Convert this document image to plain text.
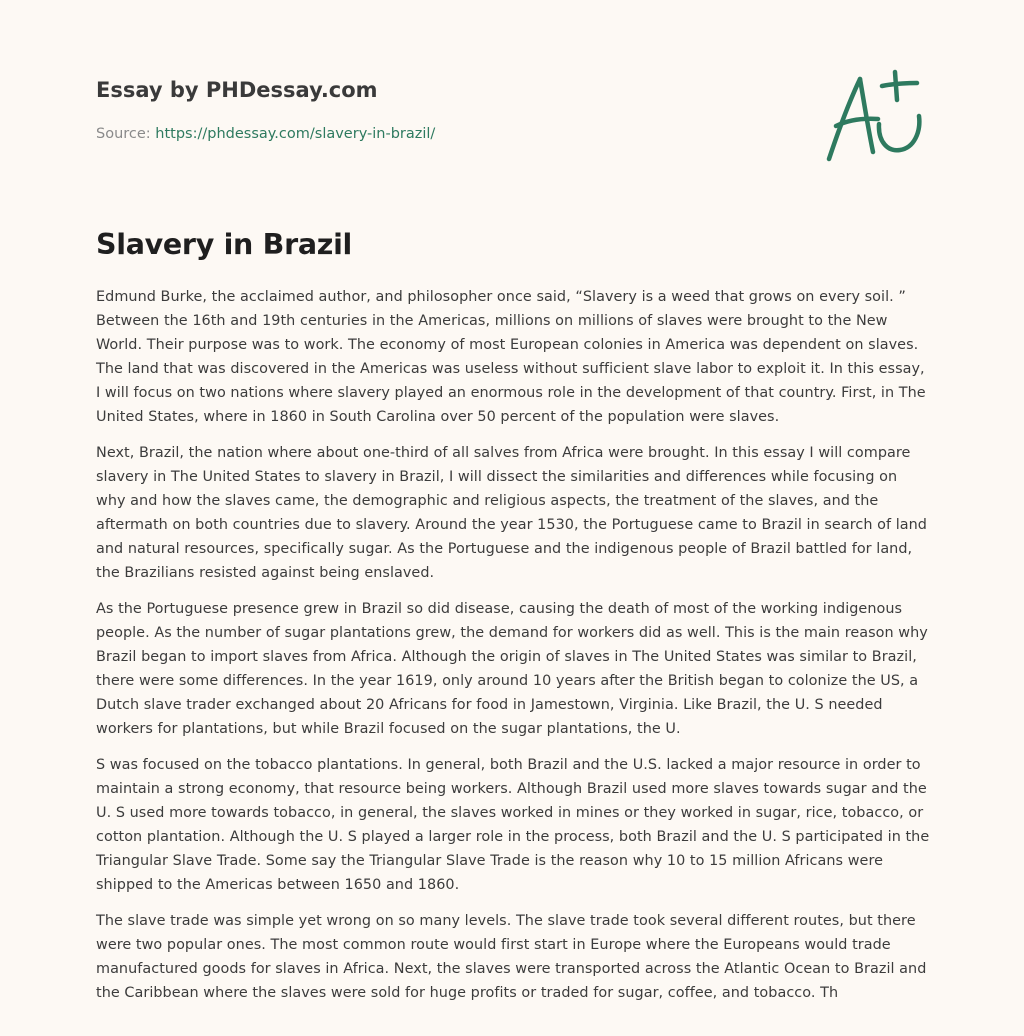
Essay by PHDessay.com
Source: https://phdessay.com/slavery-in-brazil/
Slavery in Brazil

Edmund Burke, the acclaimed author, and philosopher once said, “Slavery is a weed that grows on every soil. ” Between the 16th and 19th centuries in the Americas, millions on millions of slaves were brought to the New World. Their purpose was to work. The economy of most European colonies in America was dependent on slaves. The land that was discovered in the Americas was useless without sufficient slave labor to exploit it. In this essay, I will focus on two nations where slavery played an enormous role in the development of that country. First, in The United States, where in 1860 in South Carolina over 50 percent of the population were slaves.

Next, Brazil, the nation where about one-third of all salves from Africa were brought. In this essay I will compare slavery in The United States to slavery in Brazil, I will dissect the similarities and differences while focusing on why and how the slaves came, the demographic and religious aspects, the treatment of the slaves, and the aftermath on both countries due to slavery. Around the year 1530, the Portuguese came to Brazil in search of land and natural resources, specifically sugar. As the Portuguese and the indigenous people of Brazil battled for land, the Brazilians resisted against being enslaved.

As the Portuguese presence grew in Brazil so did disease, causing the death of most of the working indigenous people. As the number of sugar plantations grew, the demand for workers did as well. This is the main reason why Brazil began to import slaves from Africa. Although the origin of slaves in The United States was similar to Brazil, there were some differences. In the year 1619, only around 10 years after the British began to colonize the US, a Dutch slave trader exchanged about 20 Africans for food in Jamestown, Virginia. Like Brazil, the U. S needed workers for plantations, but while Brazil focused on the sugar plantations, the U.

S was focused on the tobacco plantations. In general, both Brazil and the U.S. lacked a major resource in order to maintain a strong economy, that resource being workers. Although Brazil used more slaves towards sugar and the U. S used more towards tobacco, in general, the slaves worked in mines or they worked in sugar, rice, tobacco, or cotton plantation. Although the U. S played a larger role in the process, both Brazil and the U. S participated in the Triangular Slave Trade. Some say the Triangular Slave Trade is the reason why 10 to 15 million Africans were shipped to the Americas between 1650 and 1860.

The slave trade was simple yet wrong on so many levels. The slave trade took several different routes, but there were two popular ones. The most common route would first start in Europe where the Europeans would trade manufactured goods for slaves in Africa. Next, the slaves were transported across the Atlantic Ocean to Brazil and the Caribbean where the slaves were sold for huge profits or traded for sugar, coffee, and tobacco. Th
